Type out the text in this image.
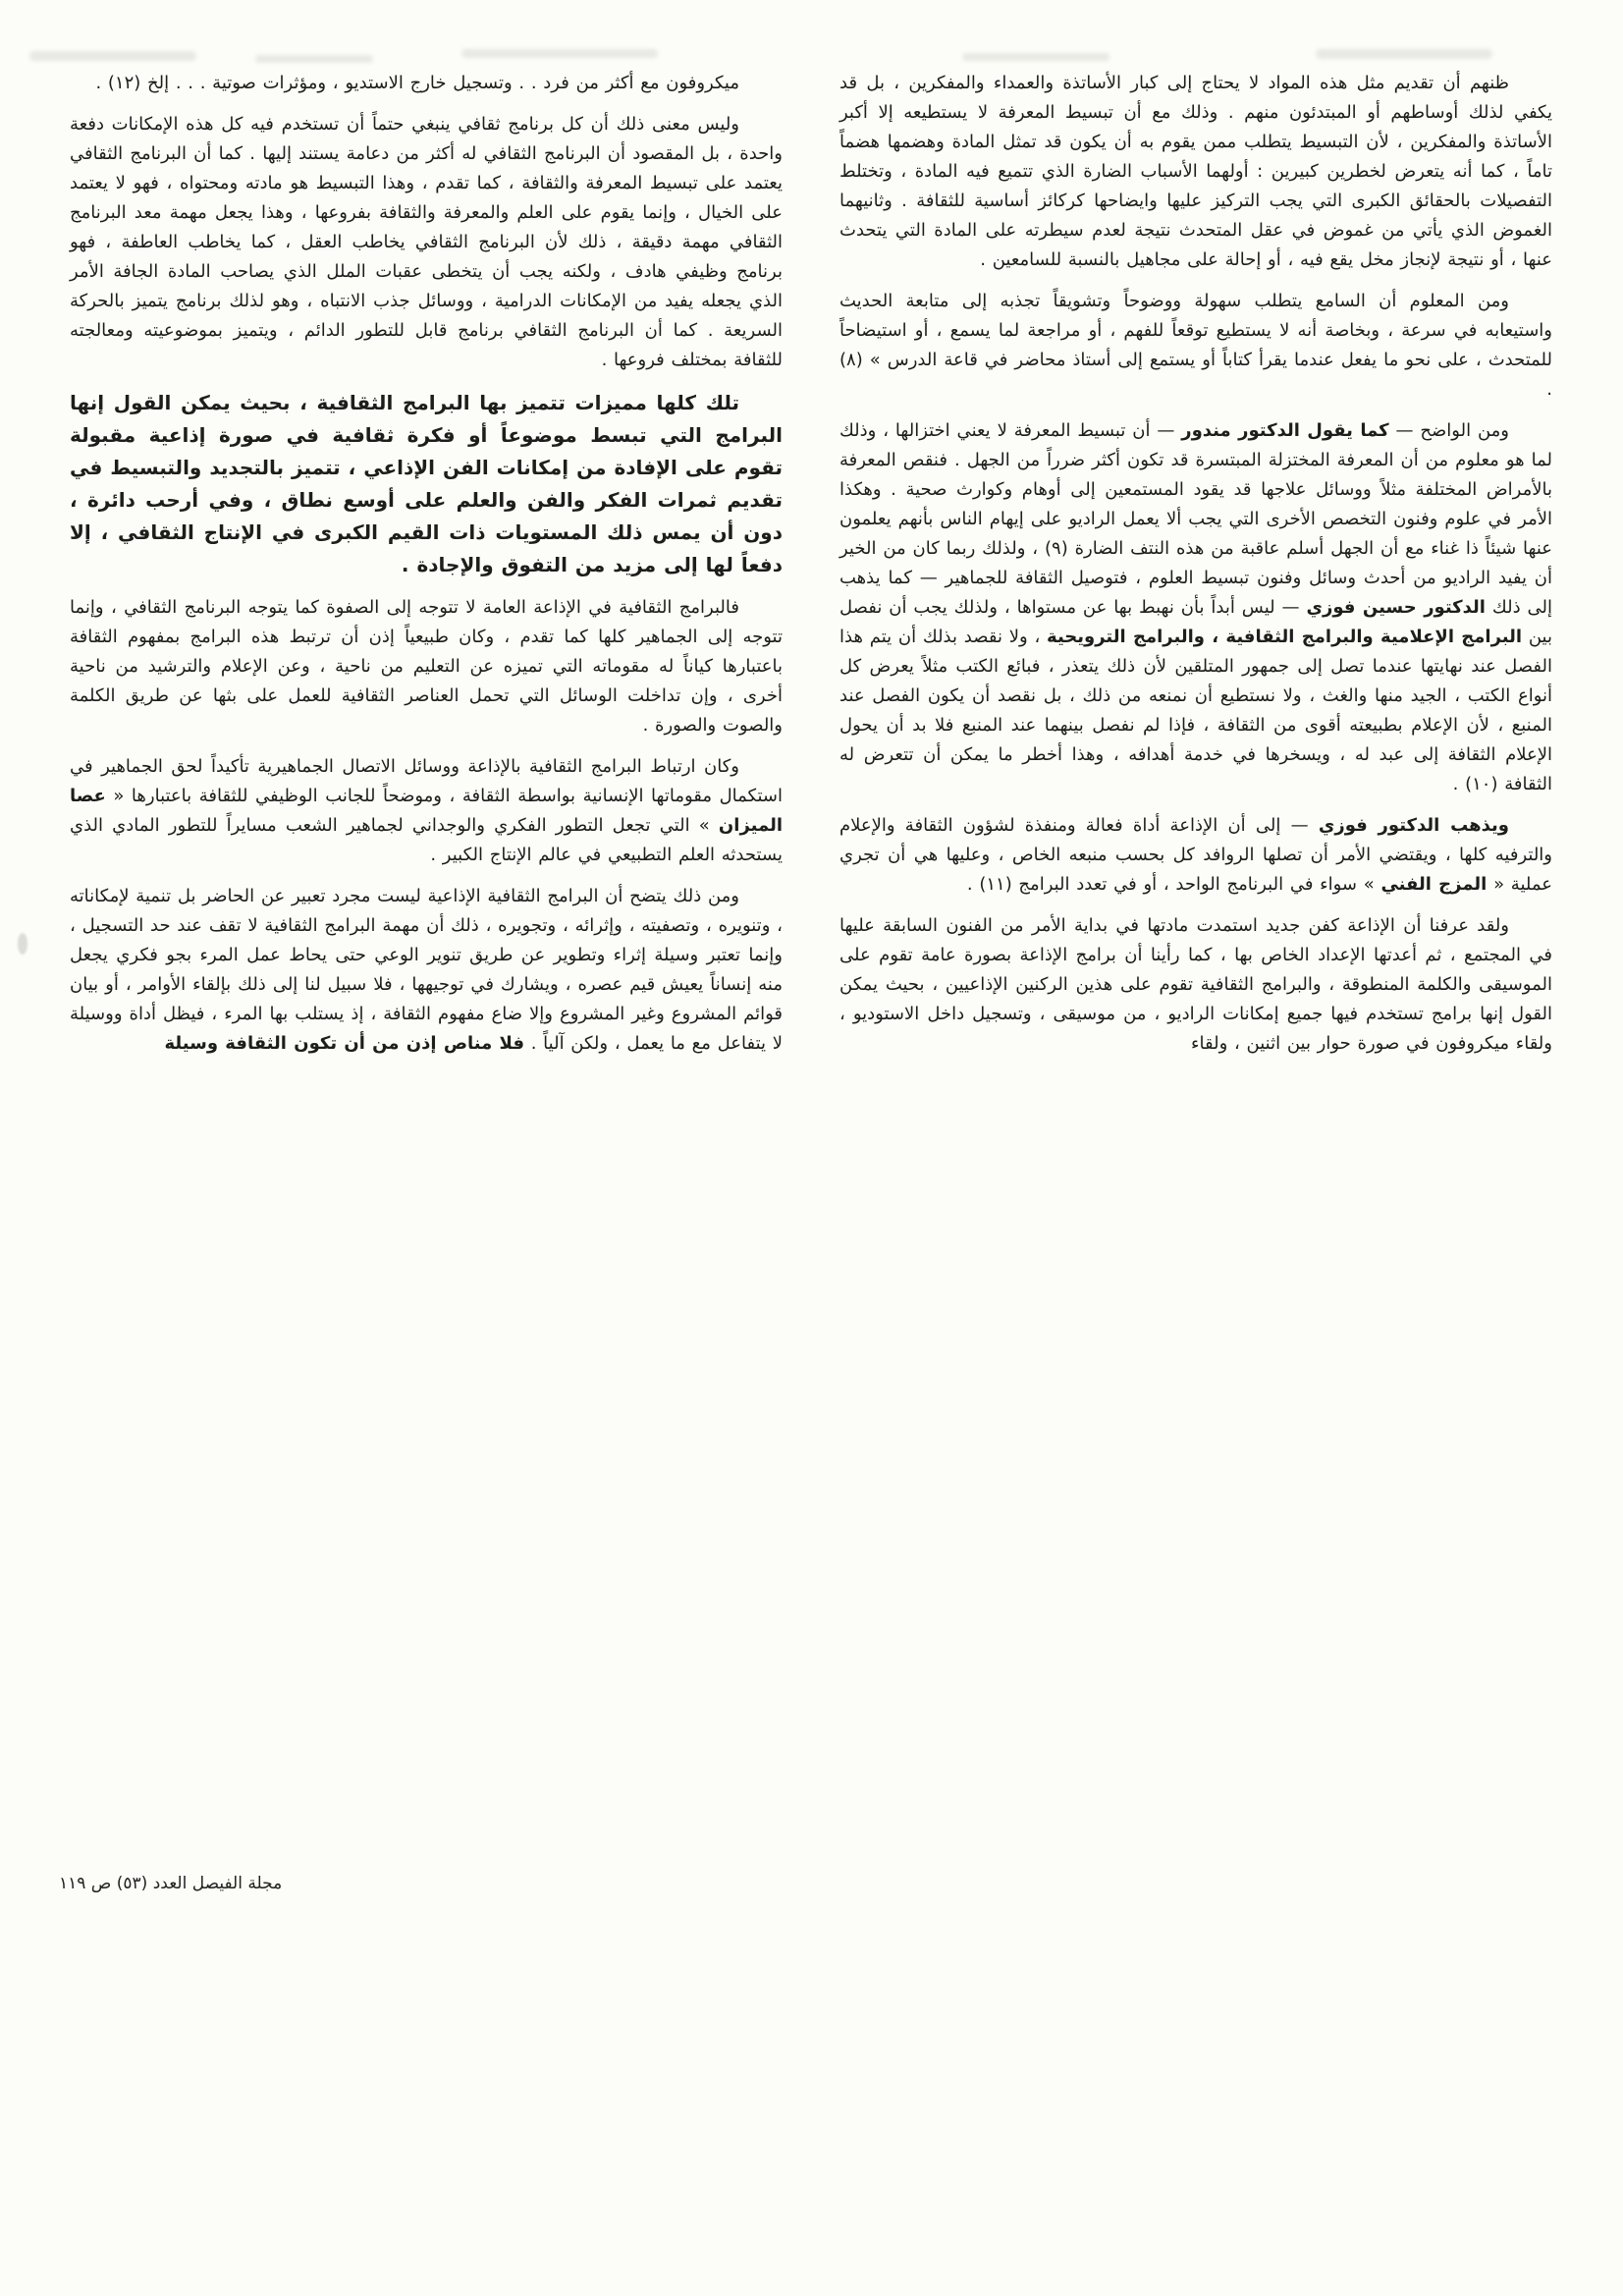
ظنهم أن تقديم مثل هذه المواد لا يحتاج إلى كبار الأساتذة والعمداء والمفكرين ، بل قد يكفي لذلك أوساطهم أو المبتدئون منهم . وذلك مع أن تبسيط المعرفة لا يستطيعه إلا أكبر الأساتذة والمفكرين ، لأن التبسيط يتطلب ممن يقوم به أن يكون قد تمثل المادة وهضمها هضماً تاماً ، كما أنه يتعرض لخطرين كبيرين : أولهما الأسباب الضارة الذي تتميع فيه المادة ، وتختلط التفصيلات بالحقائق الكبرى التي يجب التركيز عليها وايضاحها كركائز أساسية للثقافة . وثانيهما الغموض الذي يأتي من غموض في عقل المتحدث نتيجة لعدم سيطرته على المادة التي يتحدث عنها ، أو نتيجة لإنجاز مخل يقع فيه ، أو إحالة على مجاهيل بالنسبة للسامعين .

ومن المعلوم أن السامع يتطلب سهولة ووضوحاً وتشويقاً تجذبه إلى متابعة الحديث واستيعابه في سرعة ، وبخاصة أنه لا يستطيع توقعاً للفهم ، أو مراجعة لما يسمع ، أو استيضاحاً للمتحدث ، على نحو ما يفعل عندما يقرأ كتاباً أو يستمع إلى أستاذ محاضر في قاعة الدرس » (٨) .

ومن الواضح — كما يقول الدكتور مندور — أن تبسيط المعرفة لا يعني اختزالها ، وذلك لما هو معلوم من أن المعرفة المختزلة المبتسرة قد تكون أكثر ضرراً من الجهل . فنقص المعرفة بالأمراض المختلفة مثلاً ووسائل علاجها قد يقود المستمعين إلى أوهام وكوارث صحية . وهكذا الأمر في علوم وفنون التخصص الأخرى التي يجب ألا يعمل الراديو على إيهام الناس بأنهم يعلمون عنها شيئاً ذا غناء مع أن الجهل أسلم عاقبة من هذه النتف الضارة (٩) ، ولذلك ربما كان من الخير أن يفيد الراديو من أحدث وسائل وفنون تبسيط العلوم ، فتوصيل الثقافة للجماهير — كما يذهب إلى ذلك الدكتور حسين فوزي — ليس أبداً بأن نهبط بها عن مستواها ، ولذلك يجب أن نفصل بين البرامج الإعلامية والبرامج الثقافية ، والبرامج الترويحية ، ولا نقصد بذلك أن يتم هذا الفصل عند نهايتها عندما تصل إلى جمهور المتلقين لأن ذلك يتعذر ، فبائع الكتب مثلاً يعرض كل أنواع الكتب ، الجيد منها والغث ، ولا نستطيع أن نمنعه من ذلك ، بل نقصد أن يكون الفصل عند المنبع ، لأن الإعلام بطبيعته أقوى من الثقافة ، فإذا لم نفصل بينهما عند المنبع فلا بد أن يحول الإعلام الثقافة إلى عبد له ، ويسخرها في خدمة أهدافه ، وهذا أخطر ما يمكن أن تتعرض له الثقافة (١٠) .

ويذهب الدكتور فوزي — إلى أن الإذاعة أداة فعالة ومنفذة لشؤون الثقافة والإعلام والترفيه كلها ، ويقتضي الأمر أن تصلها الروافد كل بحسب منبعه الخاص ، وعليها هي أن تجري عملية « المزج الفني » سواء في البرنامج الواحد ، أو في تعدد البرامج (١١) .

ولقد عرفنا أن الإذاعة كفن جديد استمدت مادتها في بداية الأمر من الفنون السابقة عليها في المجتمع ، ثم أعدتها الإعداد الخاص بها ، كما رأينا أن برامج الإذاعة بصورة عامة تقوم على الموسيقى والكلمة المنطوقة ، والبرامج الثقافية تقوم على هذين الركنين الإذاعيين ، بحيث يمكن القول إنها برامج تستخدم فيها جميع إمكانات الراديو ، من موسيقى ، وتسجيل داخل الاستوديو ، ولقاء ميكروفون في صورة حوار بين اثنين ، ولقاء

ميكروفون مع أكثر من فرد . . وتسجيل خارج الاستديو ، ومؤثرات صوتية . . . إلخ (١٢) .

وليس معنى ذلك أن كل برنامج ثقافي ينبغي حتماً أن تستخدم فيه كل هذه الإمكانات دفعة واحدة ، بل المقصود أن البرنامج الثقافي له أكثر من دعامة يستند إليها . كما أن البرنامج الثقافي يعتمد على تبسيط المعرفة والثقافة ، كما تقدم ، وهذا التبسيط هو مادته ومحتواه ، فهو لا يعتمد على الخيال ، وإنما يقوم على العلم والمعرفة والثقافة بفروعها ، وهذا يجعل مهمة معد البرنامج الثقافي مهمة دقيقة ، ذلك لأن البرنامج الثقافي يخاطب العقل ، كما يخاطب العاطفة ، فهو برنامج وظيفي هادف ، ولكنه يجب أن يتخطى عقبات الملل الذي يصاحب المادة الجافة الأمر الذي يجعله يفيد من الإمكانات الدرامية ، ووسائل جذب الانتباه ، وهو لذلك برنامج يتميز بالحركة السريعة . كما أن البرنامج الثقافي برنامج قابل للتطور الدائم ، ويتميز بموضوعيته ومعالجته للثقافة بمختلف فروعها .

تلك كلها مميزات تتميز بها البرامج الثقافية ، بحيث يمكن القول إنها البرامج التي تبسط موضوعاً أو فكرة ثقافية في صورة إذاعية مقبولة تقوم على الإفادة من إمكانات الفن الإذاعي ، تتميز بالتجديد والتبسيط في تقديم ثمرات الفكر والفن والعلم على أوسع نطاق ، وفي أرحب دائرة ، دون أن يمس ذلك المستويات ذات القيم الكبرى في الإنتاج الثقافي ، إلا دفعاً لها إلى مزيد من التفوق والإجادة .

فالبرامج الثقافية في الإذاعة العامة لا تتوجه إلى الصفوة كما يتوجه البرنامج الثقافي ، وإنما تتوجه إلى الجماهير كلها كما تقدم ، وكان طبيعياً إذن أن ترتبط هذه البرامج بمفهوم الثقافة باعتبارها كياناً له مقوماته التي تميزه عن التعليم من ناحية ، وعن الإعلام والترشيد من ناحية أخرى ، وإن تداخلت الوسائل التي تحمل العناصر الثقافية للعمل على بثها عن طريق الكلمة والصوت والصورة .

وكان ارتباط البرامج الثقافية بالإذاعة ووسائل الاتصال الجماهيرية تأكيداً لحق الجماهير في استكمال مقوماتها الإنسانية بواسطة الثقافة ، وموضحاً للجانب الوظيفي للثقافة باعتبارها « عصا الميزان » التي تجعل التطور الفكري والوجداني لجماهير الشعب مسايراً للتطور المادي الذي يستحدثه العلم التطبيعي في عالم الإنتاج الكبير .

ومن ذلك يتضح أن البرامج الثقافية الإذاعية ليست مجرد تعبير عن الحاضر بل تنمية لإمكاناته ، وتنويره ، وتصفيته ، وإثرائه ، وتجويره ، ذلك أن مهمة البرامج الثقافية لا تقف عند حد التسجيل ، وإنما تعتبر وسيلة إثراء وتطوير عن طريق تنوير الوعي حتى يحاط عمل المرء بجو فكري يجعل منه إنساناً يعيش قيم عصره ، ويشارك في توجيهها ، فلا سبيل لنا إلى ذلك بإلقاء الأوامر ، أو بيان قوائم المشروع وغير المشروع وإلا ضاع مفهوم الثقافة ، إذ يستلب بها المرء ، فيظل أداة ووسيلة لا يتفاعل مع ما يعمل ، ولكن آلياً . فلا مناص إذن من أن تكون الثقافة وسيلة

مجلة الفيصل العدد (٥٣) ص ١١٩
